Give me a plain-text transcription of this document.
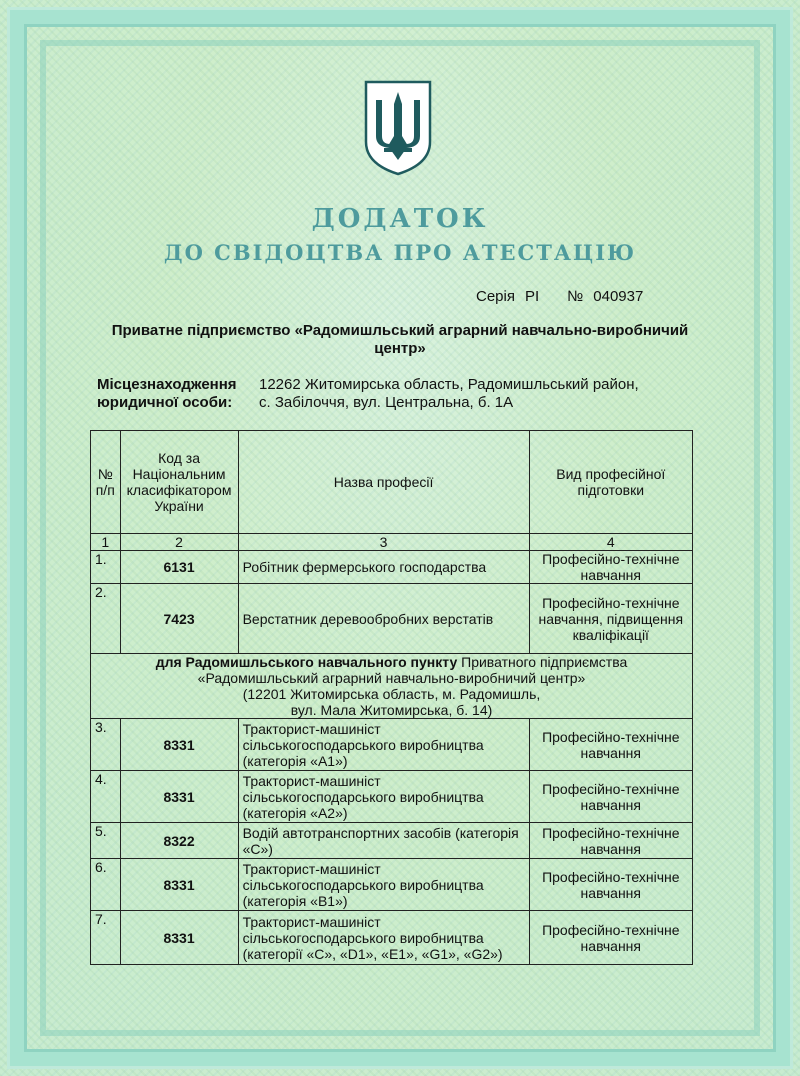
ДОДАТОК
ДО СВІДОЦТВА ПРО АТЕСТАЦІЮ
Серія РІ № 040937
Приватне підприємство «Радомишльський аграрний навчально-виробничий центр»
Місцезнаходження юридичної особи:
12262 Житомирська область, Радомишльський район,
с. Забілоччя, вул. Центральна, б. 1А
№ п/п	Код за Національним класифікатором України	Назва професії	Вид професійної підготовки
1	2	3	4
1.	6131	Робітник фермерського господарства	Професійно-технічне навчання
2.	7423	Верстатник деревообробних верстатів	Професійно-технічне навчання, підвищення кваліфікації

для Радомишльського навчального пункту Приватного підприємства
«Радомишльський аграрний навчально-виробничий центр»
(12201 Житомирська область, м. Радомишль,
вул. Мала Житомирська, б. 14)			

3.	8331	Тракторист-машиніст сільськогосподарського виробництва (категорія «А1»)	Професійно-технічне навчання
4.	8331	Тракторист-машиніст сільськогосподарського виробництва (категорія «А2»)	Професійно-технічне навчання
5.	8322	Водій автотранспортних засобів (категорія «С»)	Професійно-технічне навчання
6.	8331	Тракторист-машиніст сільськогосподарського виробництва (категорія «В1»)	Професійно-технічне навчання
7.	8331	Тракторист-машиніст сільськогосподарського виробництва (категорії «С», «D1», «Е1», «G1», «G2»)	Професійно-технічне навчання
